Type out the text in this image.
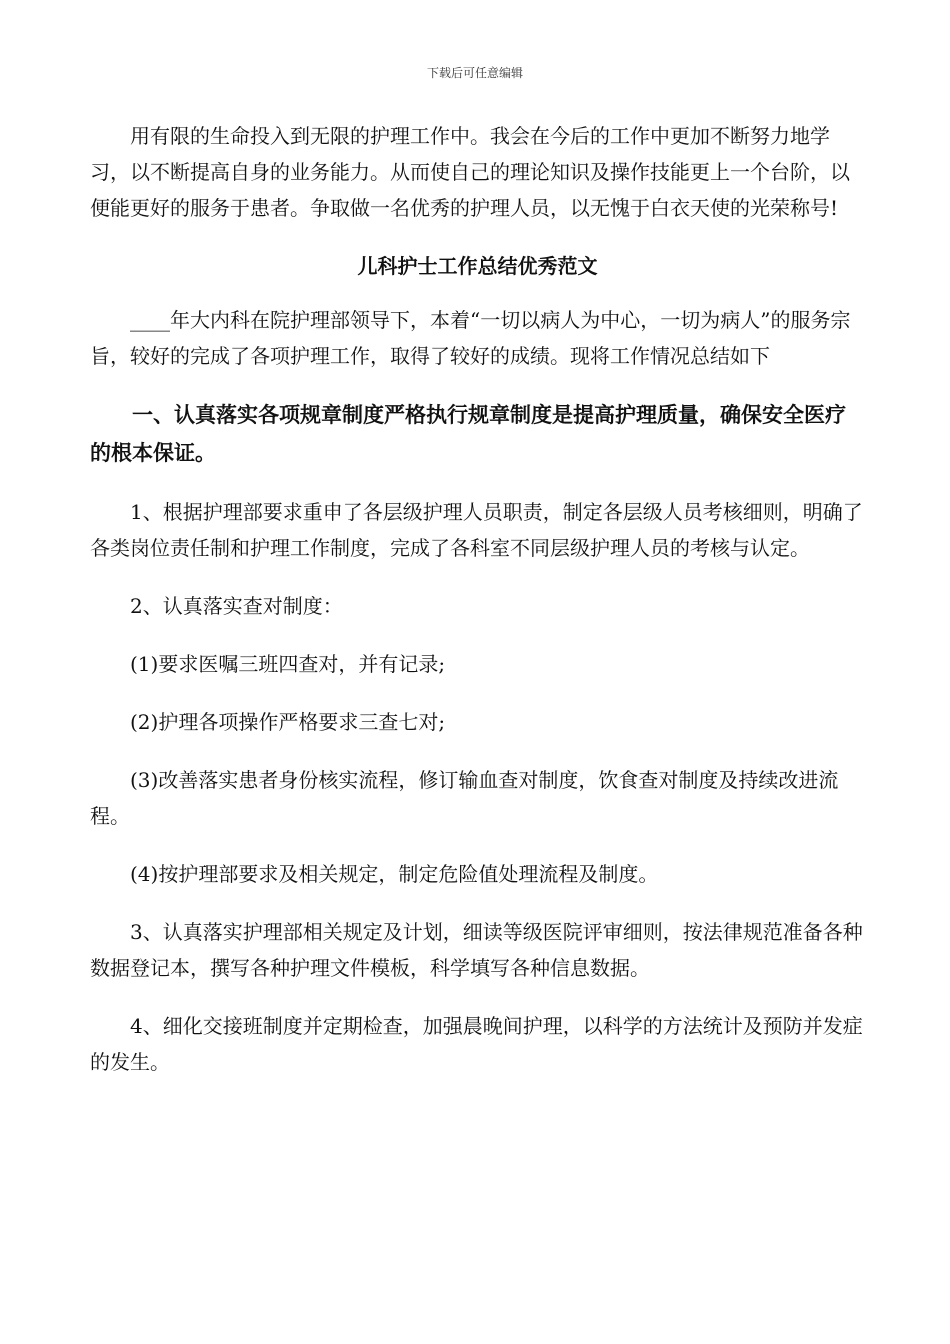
下载后可任意编辑

用有限的生命投入到无限的护理工作中。我会在今后的工作中更加不断努力地学习，以不断提高自身的业务能力。从而使自己的理论知识及操作技能更上一个台阶，以便能更好的服务于患者。争取做一名优秀的护理人员，以无愧于白衣天使的光荣称号!

儿科护士工作总结优秀范文

____年大内科在院护理部领导下，本着“一切以病人为中心，一切为病人”的服务宗旨，较好的完成了各项护理工作，取得了较好的成绩。现将工作情况总结如下

一、认真落实各项规章制度严格执行规章制度是提高护理质量，确保安全医疗的根本保证。

1、根据护理部要求重申了各层级护理人员职责，制定各层级人员考核细则，明确了各类岗位责任制和护理工作制度，完成了各科室不同层级护理人员的考核与认定。

2、认真落实查对制度：

(1)要求医嘱三班四查对，并有记录;

(2)护理各项操作严格要求三查七对;

(3)改善落实患者身份核实流程，修订输血查对制度，饮食查对制度及持续改进流程。

(4)按护理部要求及相关规定，制定危险值处理流程及制度。

3、认真落实护理部相关规定及计划，细读等级医院评审细则，按法律规范准备各种数据登记本，撰写各种护理文件模板，科学填写各种信息数据。

4、细化交接班制度并定期检查，加强晨晚间护理，以科学的方法统计及预防并发症的发生。
